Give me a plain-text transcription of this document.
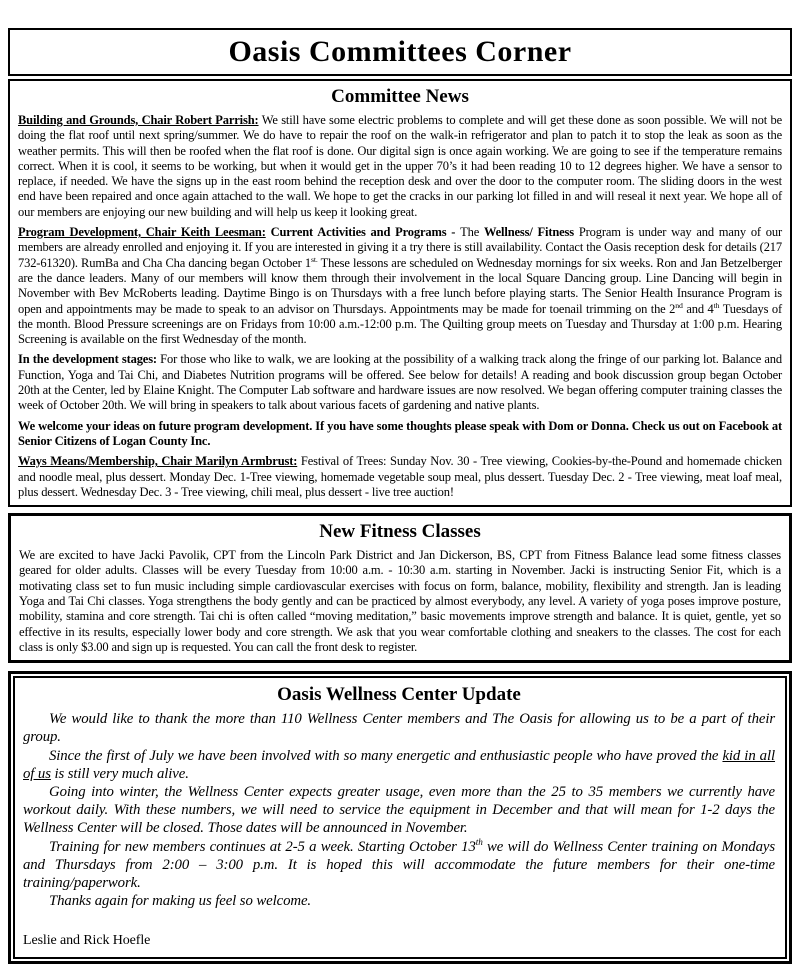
Oasis Committees Corner
Committee News

Building and Grounds, Chair Robert Parrish: We still have some electric problems to complete and will get these done as soon possible. We will not be doing the flat roof until next spring/summer. We do have to repair the roof on the walk-in refrigerator and plan to patch it to stop the leak as soon as the weather permits. This will then be roofed when the flat roof is done. Our digital sign is once again working. We are going to see if the temperature remains correct. When it is cool, it seems to be working, but when it would get in the upper 70’s it had been reading 10 to 12 degrees higher. We have a sensor to replace, if needed. We have the signs up in the east room behind the reception desk and over the door to the computer room. The sliding doors in the west end have been repaired and once again attached to the wall. We hope to get the cracks in our parking lot filled in and will reseal it next year. We hope all of our members are enjoying our new building and will help us keep it looking great.

Program Development, Chair Keith Leesman: Current Activities and Programs - The Wellness/ Fitness Program is under way and many of our members are already enrolled and enjoying it. If you are interested in giving it a try there is still availability. Contact the Oasis reception desk for details (217 732-61320). RumBa and Cha Cha dancing began October $1^{st.}$ These lessons are scheduled on Wednesday mornings for six weeks. Ron and Jan Betzelberger are the dance leaders. Many of our members will know them through their involvement in the local Square Dancing group. Line Dancing will begin in November with Bev McRoberts leading. Daytime Bingo is on Thursdays with a free lunch before playing starts. The Senior Health Insurance Program is open and appointments may be made to speak to an advisor on Thursdays. Appointments may be made for toenail trimming on the 2nd and 4th Tuesdays of the month. Blood Pressure screenings are on Fridays from 10:00 a.m.-12:00 p.m. The Quilting group meets on Tuesday and Thursday at 1:00 p.m. Hearing Screening is available on the first Wednesday of the month.

In the development stages: For those who like to walk, we are looking at the possibility of a walking track along the fringe of our parking lot. Balance and Function, Yoga and Tai Chi, and Diabetes Nutrition programs will be offered. See below for details! A reading and book discussion group began October 20th at the Center, led by Elaine Knight. The Computer Lab software and hardware issues are now resolved. We began offering computer training classes the week of October 20th. We will bring in speakers to talk about various facets of gardening and native plants.

We welcome your ideas on future program development. If you have some thoughts please speak with Dom or Donna. Check us out on Facebook at Senior Citizens of Logan County Inc.

Ways Means/Membership, Chair Marilyn Armbrust: Festival of Trees: Sunday Nov. 30 - Tree viewing, Cookies-by-the-Pound and homemade chicken and noodle meal, plus dessert. Monday Dec. 1-Tree viewing, homemade vegetable soup meal, plus dessert. Tuesday Dec. 2 - Tree viewing, meat loaf meal, plus dessert. Wednesday Dec. 3 - Tree viewing, chili meal, plus dessert - live tree auction!

New Fitness Classes

We are excited to have Jacki Pavolik, CPT from the Lincoln Park District and Jan Dickerson, BS, CPT from Fitness Balance lead some fitness classes geared for older adults. Classes will be every Tuesday from 10:00 a.m. - 10:30 a.m. starting in November. Jacki is instructing Senior Fit, which is a motivating class set to fun music including simple cardiovascular exercises with focus on form, balance, mobility, flexibility and strength. Jan is leading Yoga and Tai Chi classes. Yoga strengthens the body gently and can be practiced by almost everybody, any level. A variety of yoga poses improve posture, mobility, stamina and core strength. Tai chi is often called “moving meditation,” basic movements improve strength and balance. It is quiet, gentle, yet so effective in its results, especially lower body and core strength. We ask that you wear comfortable clothing and sneakers to the classes. The cost for each class is only $3.00 and sign up is requested. You can call the front desk to register.

Oasis Wellness Center Update

We would like to thank the more than 110 Wellness Center members and The Oasis for allowing us to be a part of their group.

Since the first of July we have been involved with so many energetic and enthusiastic people who have proved the kid in all of us is still very much alive.

Going into winter, the Wellness Center expects greater usage, even more than the 25 to 35 members we currently have workout daily. With these numbers, we will need to service the equipment in December and that will mean for 1-2 days the Wellness Center will be closed. Those dates will be announced in November.

Training for new members continues at 2-5 a week. Starting October 13th we will do Wellness Center training on Mondays and Thursdays from 2:00 – 3:00 p.m. It is hoped this will accommodate the future members for their one-time training/paperwork.

Thanks again for making us feel so welcome.

Leslie and Rick Hoefle
